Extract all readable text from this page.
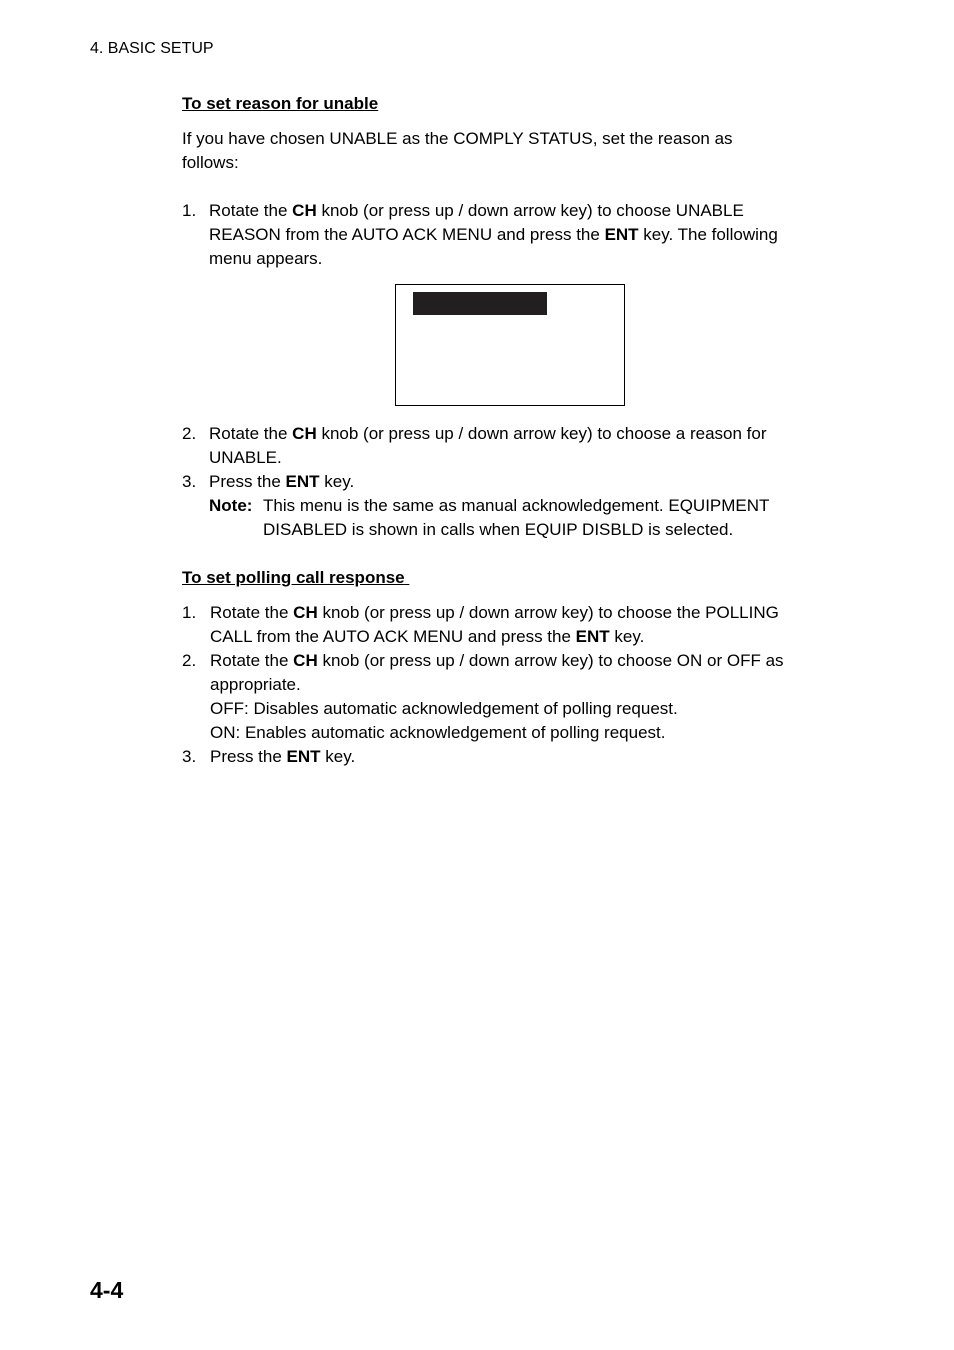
4. BASIC SETUP
To set reason for unable
If you have chosen UNABLE as the COMPLY STATUS, set the reason as
follows:
1. Rotate the CH knob (or press up / down arrow key) to choose UNABLE
REASON from the AUTO ACK MENU and press the ENT key. The following
menu appears.
2. Rotate the CH knob (or press up / down arrow key) to choose a reason for
UNABLE.
3. Press the ENT key.
Note: This menu is the same as manual acknowledgement. EQUIPMENT
DISABLED is shown in calls when EQUIP DISBLD is selected.
To set polling call response
1. Rotate the CH knob (or press up / down arrow key) to choose the POLLING
CALL from the AUTO ACK MENU and press the ENT key.
2. Rotate the CH knob (or press up / down arrow key) to choose ON or OFF as
appropriate.
OFF: Disables automatic acknowledgement of polling request.
ON: Enables automatic acknowledgement of polling request.
3. Press the ENT key.
4-4
